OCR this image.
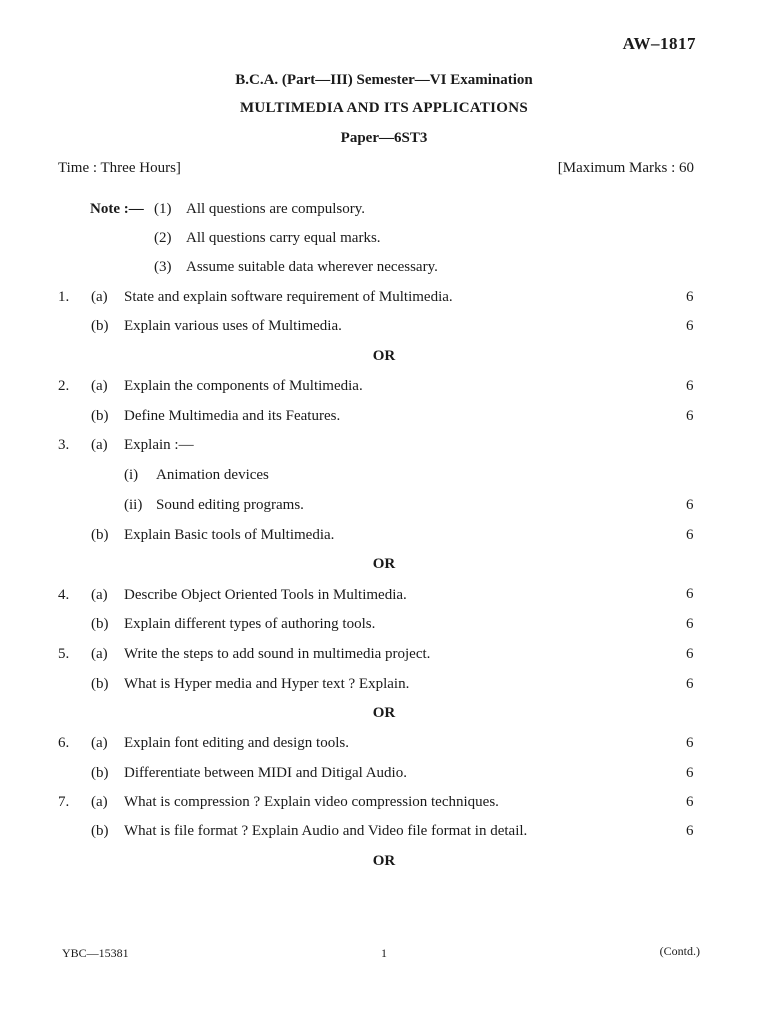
AW–1817
B.C.A. (Part—III) Semester—VI Examination
MULTIMEDIA AND ITS APPLICATIONS
Paper—6ST3
Time : Three Hours]	[Maximum Marks : 60
Note :— (1) All questions are compulsory.
(2) All questions carry equal marks.
(3) Assume suitable data wherever necessary.
1. (a) State and explain software requirement of Multimedia.	6
(b) Explain various uses of Multimedia.	6
OR
2. (a) Explain the components of Multimedia.	6
(b) Define Multimedia and its Features.	6
3. (a) Explain :—
(i) Animation devices
(ii) Sound editing programs.	6
(b) Explain Basic tools of Multimedia.	6
OR
4. (a) Describe Object Oriented Tools in Multimedia.	6
(b) Explain different types of authoring tools.	6
5. (a) Write the steps to add sound in multimedia project.	6
(b) What is Hyper media and Hyper text ? Explain.	6
OR
6. (a) Explain font editing and design tools.	6
(b) Differentiate between MIDI and Ditigal Audio.	6
7. (a) What is compression ? Explain video compression techniques.	6
(b) What is file format ? Explain Audio and Video file format in detail.	6
OR
YBC—15381	1	(Contd.)
